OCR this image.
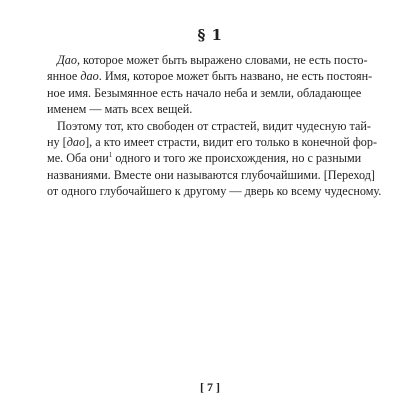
§ 1

Дао, которое может быть выражено словами, не есть посто-
янное дао. Имя, которое может быть названо, не есть постоян-
ное имя. Безымянное есть начало неба и земли, обладающее
именем — мать всех вещей.

Поэтому тот, кто свободен от страстей, видит чудесную тай-
ну [дао], а кто имеет страсти, видит его только в конечной фор-
ме. Оба они$^1$ одного и того же происхождения, но с разными
названиями. Вместе они называются глубочайшими. [Переход]
от одного глубочайшего к другому — дверь ко всему чудесному.

[ 7 ]
